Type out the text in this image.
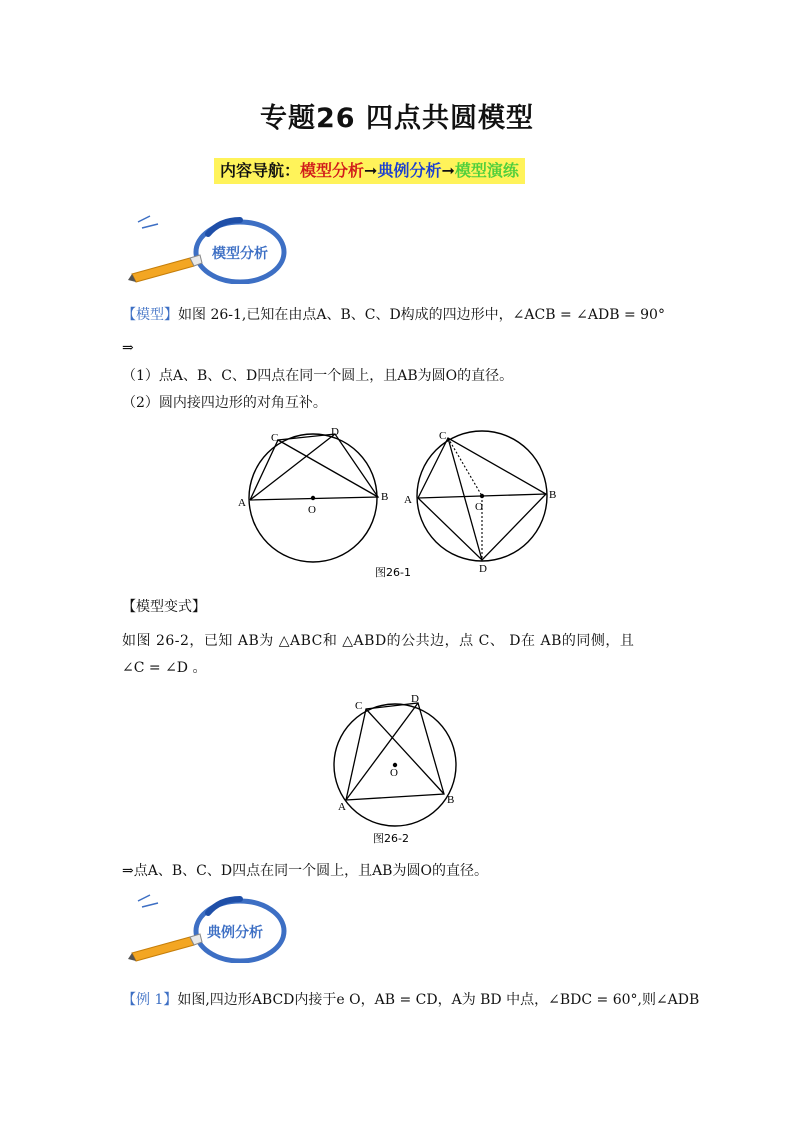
专题26 四点共圆模型
内容导航：模型分析➞典例分析➞模型演练
模型分析
【模型】如图 26-1,已知在由点A、B、C、D构成的四边形中，∠ACB = ∠ADB = 90°
⇒
（1）点A、B、C、D四点在同一个圆上，且AB为圆O的直径。
（2）圆内接四边形的对角互补。
A	B
C	D
O
A	B
C
D
O
图26-1
【模型变式】
如图 26-2，已知 AB为 △ABC和 △ABD的公共边，点 C、 D在 AB的同侧，且
∠C = ∠D 。
A
B
C
D
O
图26-2
⇒点A、B、C、D四点在同一个圆上，且AB为圆O的直径。
典例分析
【例 1】如图,四边形ABCD内接于e O，AB = CD，A为 BD 中点，∠BDC = 60°,则∠ADB
